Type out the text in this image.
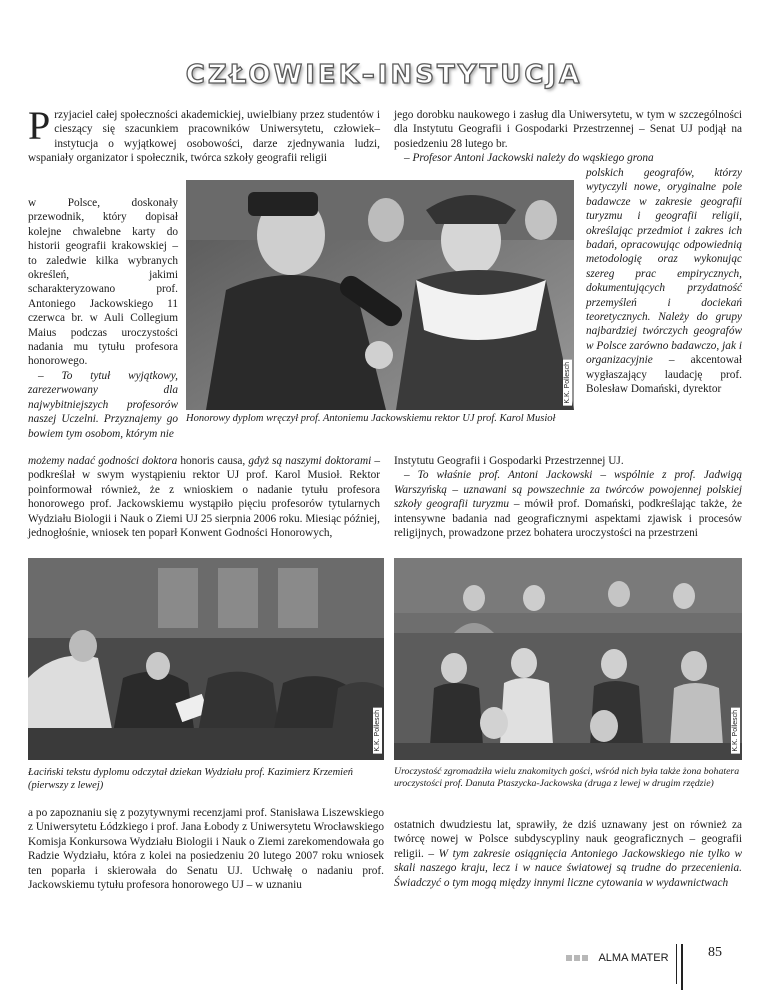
CZŁOWIEK–INSTYTUCJA
P rzyjaciel całej społeczności akademickiej, uwielbiany przez studentów i cieszący się szacunkiem pracowników Uniwersytetu, człowiek–instytucja o wyjątkowej osobowości, darze zjednywania ludzi, wspaniały organizator i społecznik, twórca szkoły geografii religii

w Polsce, doskonały przewodnik, który dopisał kolejne chwalebne karty do historii geografii krakowskiej – to zaledwie kilka wybranych określeń, jakimi scharakteryzowano prof. Antoniego Jackowskiego 11 czerwca br. w Auli Collegium Maius podczas uroczystości nadania mu tytułu profesora honorowego.

– To tytuł wyjątkowy, zarezerwowany dla najwybitniejszych profesorów naszej Uczelni. Przyznajemy go bowiem tym osobom, którym nie

możemy nadać godności doktora honoris causa, gdyż są naszymi doktorami – podkreślał w swym wystąpieniu rektor UJ prof. Karol Musioł. Rektor poinformował również, że z wnioskiem o nadanie tytułu profesora honorowego prof. Jackowskiemu wystąpiło pięciu profesorów tytularnych Wydziału Biologii i Nauk o Ziemi UJ 25 sierpnia 2006 roku. Miesiąc później, jednogłośnie, wniosek ten poparł Konwent Godności Honorowych,

jego dorobku naukowego i zasług dla Uniwersytetu, w tym w szczególności dla Instytutu Geografii i Gospodarki Przestrzennej – Senat UJ podjął na posiedzeniu 28 lutego br.

– Profesor Antoni Jackowski należy do wąskiego grona

polskich geografów, którzy wytyczyli nowe, oryginalne pole badawcze w zakresie geografii turyzmu i geografii religii, określając przedmiot i zakres ich badań, opracowując odpowiednią metodologię oraz wykonując szereg prac empirycznych, dokumentujących przydatność przemyśleń i dociekań teoretycznych. Należy do grupy najbardziej twórczych geografów w Polsce zarówno badawczo, jak i organizacyjnie – akcentował wygłaszający laudację prof. Bolesław Domański, dyrektor

Instytutu Geografii i Gospodarki Przestrzennej UJ.

– To właśnie prof. Antoni Jackowski – wspólnie z prof. Jadwigą Warszyńską – uznawani są powszechnie za twórców powojennej polskiej szkoły geografii turyzmu – mówił prof. Domański, podkreślając także, że intensywne badania nad geograficznymi aspektami zjawisk i procesów religijnych, prowadzone przez bohatera uroczystości na przestrzeni

K.K. Pollesch
Honorowy dyplom wręczył prof. Antoniemu Jackowskiemu rektor UJ prof. Karol Musioł
K.K. Pollesch
Łaciński tekstu dyplomu odczytał dziekan Wydziału prof. Kazimierz Krzemień (pierwszy z lewej)
K.K. Pollesch
Uroczystość zgromadziła wielu znakomitych gości, wśród nich była także żona bohatera uroczystości prof. Danuta Ptaszycka-Jackowska (druga z lewej w drugim rzędzie)

a po zapoznaniu się z pozytywnymi recenzjami prof. Stanisława Liszewskiego z Uniwersytetu Łódzkiego i prof. Jana Łobody z Uniwersytetu Wrocławskiego Komisja Konkursowa Wydziału Biologii i Nauk o Ziemi zarekomendowała go Radzie Wydziału, która z kolei na posiedzeniu 20 lutego 2007 roku wniosek ten poparła i skierowała do Senatu UJ. Uchwałę o nadaniu prof. Jackowskiemu tytułu profesora honorowego UJ – w uznaniu

ostatnich dwudziestu lat, sprawiły, że dziś uznawany jest on również za twórcę nowej w Polsce subdyscypliny nauk geograficznych – geografii religii. – W tym zakresie osiągnięcia Antoniego Jackowskiego nie tylko w skali naszego kraju, lecz i w nauce światowej są trudne do przecenienia. Świadczyć o tym mogą między innymi liczne cytowania w wydawnictwach
ALMA MATER	85
